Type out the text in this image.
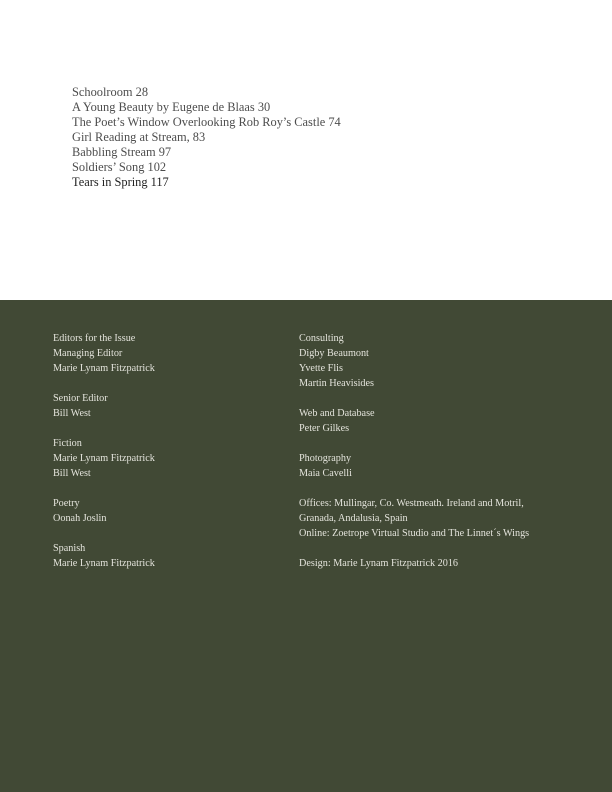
Schoolroom 28
A Young Beauty by Eugene de Blaas 30
The Poet’s Window Overlooking Rob Roy’s Castle 74
Girl Reading at Stream, 83
Babbling Stream 97
Soldiers’ Song 102
Tears in Spring 117
Editors for the Issue
Managing Editor
Marie Lynam Fitzpatrick
Senior Editor
Bill West
Fiction
Marie Lynam Fitzpatrick
Bill West
Poetry
Oonah Joslin
Spanish
Marie Lynam Fitzpatrick
Consulting
Digby Beaumont
Yvette Flis
Martin Heavisides
Web and Database
Peter Gilkes
Photography
Maia Cavelli
Offices: Mullingar, Co. Westmeath. Ireland and Motril,
Granada, Andalusia, Spain
Online: Zoetrope Virtual Studio and The Linnet´s Wings
Design: Marie Lynam Fitzpatrick 2016
